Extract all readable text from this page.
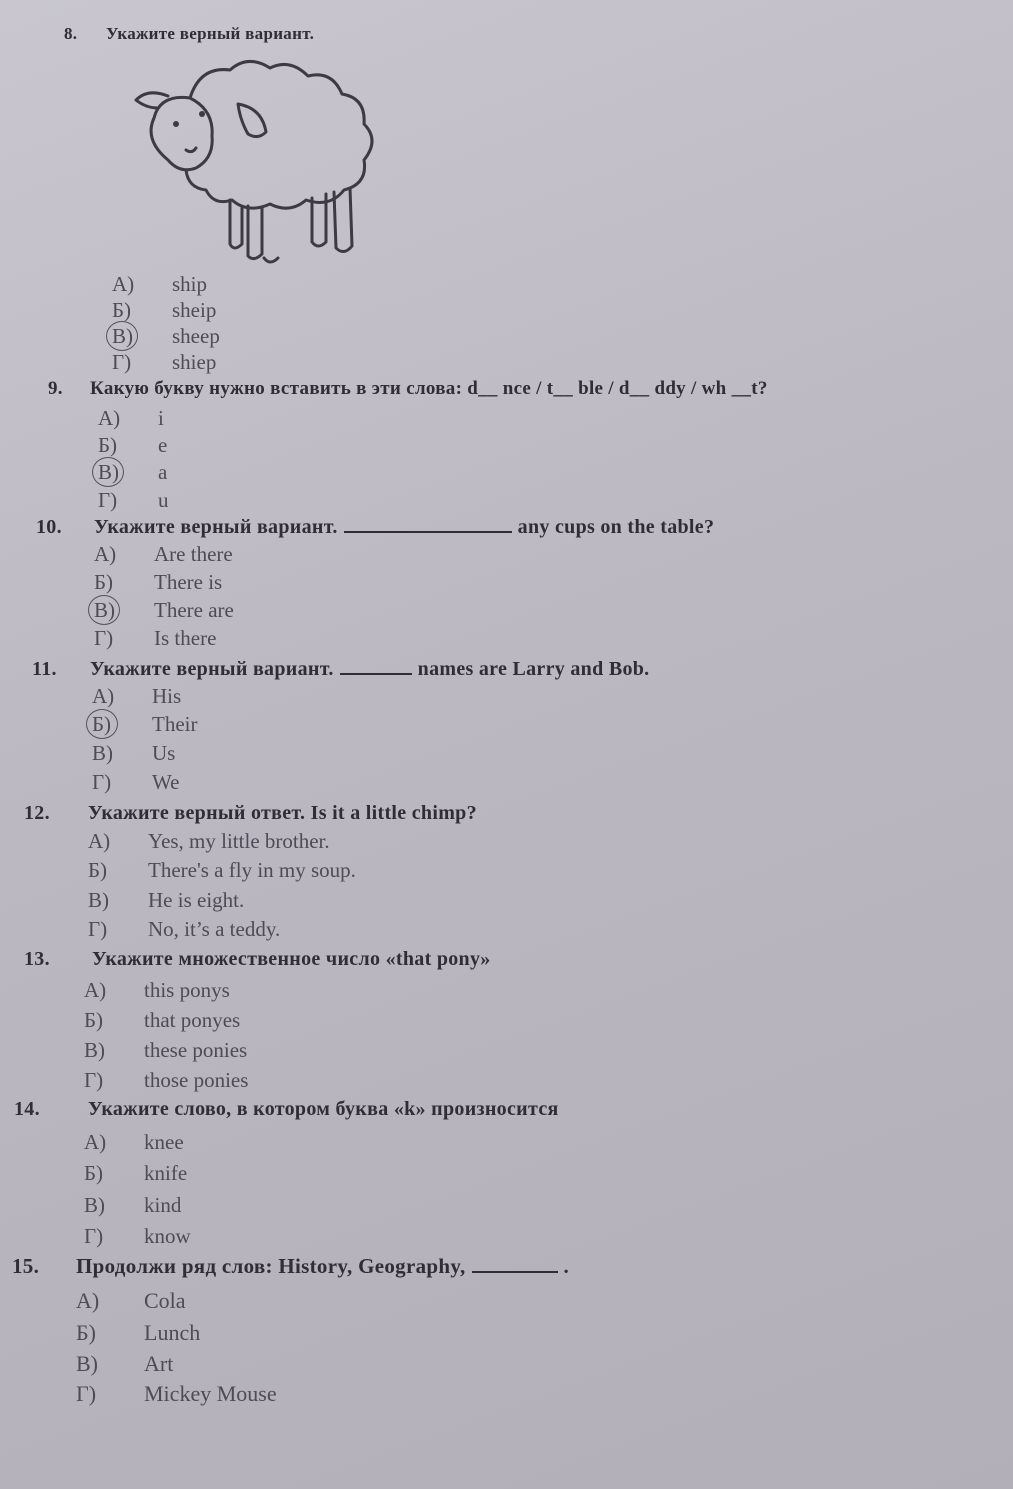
8. Укажите верный вариант.
А) ship
Б) sheip
В) sheep
Г) shiep
9. Какую букву нужно вставить в эти слова: d__ nce / t__ ble / d__ ddy / wh __t?
А) i
Б) e
В) a
Г) u
10. Укажите верный вариант.	any cups on the table?
А) Are there
Б) There is
В) There are
Г) Is there
11. Укажите верный вариант.	names are Larry and Bob.
А) His
Б) Their
В) Us
Г) We
12. Укажите верный ответ. Is it a little chimp?
А) Yes, my little brother.
Б) There's a fly in my soup.
В) He is eight.
Г) No, it’s a teddy.
13. Укажите множественное число «that pony»
А) this ponys
Б) that ponyes
В) these ponies
Г) those ponies
14. Укажите слово, в котором буква «k» произносится
А) knee
Б) knife
В) kind
Г) know
15. Продолжи ряд слов: History, Geography,	.
А) Cola
Б) Lunch
В) Art
Г) Mickey Mouse
